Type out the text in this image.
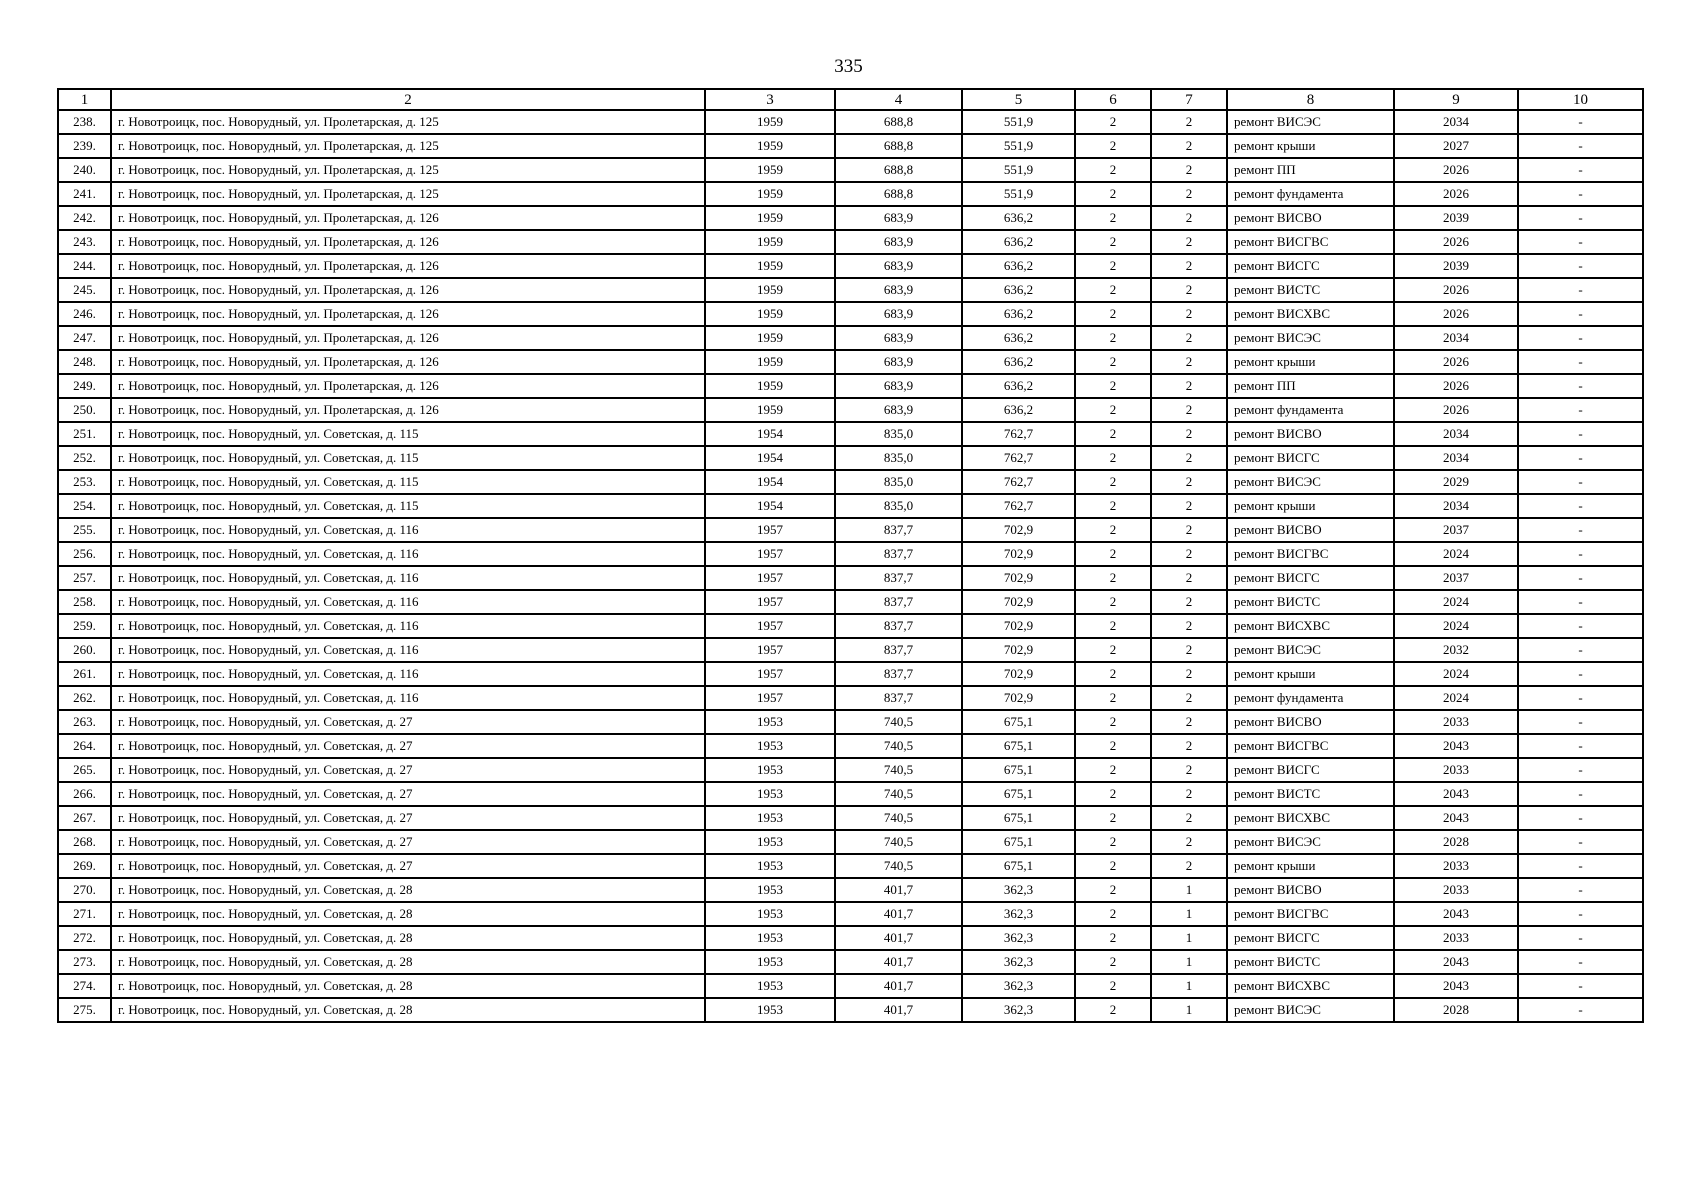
335
1	2	3	4	5	6	7	8	9	10
238.	г. Новотроицк, пос. Новорудный, ул. Пролетарская, д. 125	1959	688,8	551,9	2	2	ремонт ВИСЭС	2034	-
239.	г. Новотроицк, пос. Новорудный, ул. Пролетарская, д. 125	1959	688,8	551,9	2	2	ремонт крыши	2027	-
240.	г. Новотроицк, пос. Новорудный, ул. Пролетарская, д. 125	1959	688,8	551,9	2	2	ремонт ПП	2026	-
241.	г. Новотроицк, пос. Новорудный, ул. Пролетарская, д. 125	1959	688,8	551,9	2	2	ремонт фундамента	2026	-
242.	г. Новотроицк, пос. Новорудный, ул. Пролетарская, д. 126	1959	683,9	636,2	2	2	ремонт ВИСВО	2039	-
243.	г. Новотроицк, пос. Новорудный, ул. Пролетарская, д. 126	1959	683,9	636,2	2	2	ремонт ВИСГВС	2026	-
244.	г. Новотроицк, пос. Новорудный, ул. Пролетарская, д. 126	1959	683,9	636,2	2	2	ремонт ВИСГС	2039	-
245.	г. Новотроицк, пос. Новорудный, ул. Пролетарская, д. 126	1959	683,9	636,2	2	2	ремонт ВИСТС	2026	-
246.	г. Новотроицк, пос. Новорудный, ул. Пролетарская, д. 126	1959	683,9	636,2	2	2	ремонт ВИСХВС	2026	-
247.	г. Новотроицк, пос. Новорудный, ул. Пролетарская, д. 126	1959	683,9	636,2	2	2	ремонт ВИСЭС	2034	-
248.	г. Новотроицк, пос. Новорудный, ул. Пролетарская, д. 126	1959	683,9	636,2	2	2	ремонт крыши	2026	-
249.	г. Новотроицк, пос. Новорудный, ул. Пролетарская, д. 126	1959	683,9	636,2	2	2	ремонт ПП	2026	-
250.	г. Новотроицк, пос. Новорудный, ул. Пролетарская, д. 126	1959	683,9	636,2	2	2	ремонт фундамента	2026	-
251.	г. Новотроицк, пос. Новорудный, ул. Советская, д. 115	1954	835,0	762,7	2	2	ремонт ВИСВО	2034	-
252.	г. Новотроицк, пос. Новорудный, ул. Советская, д. 115	1954	835,0	762,7	2	2	ремонт ВИСГС	2034	-
253.	г. Новотроицк, пос. Новорудный, ул. Советская, д. 115	1954	835,0	762,7	2	2	ремонт ВИСЭС	2029	-
254.	г. Новотроицк, пос. Новорудный, ул. Советская, д. 115	1954	835,0	762,7	2	2	ремонт крыши	2034	-
255.	г. Новотроицк, пос. Новорудный, ул. Советская, д. 116	1957	837,7	702,9	2	2	ремонт ВИСВО	2037	-
256.	г. Новотроицк, пос. Новорудный, ул. Советская, д. 116	1957	837,7	702,9	2	2	ремонт ВИСГВС	2024	-
257.	г. Новотроицк, пос. Новорудный, ул. Советская, д. 116	1957	837,7	702,9	2	2	ремонт ВИСГС	2037	-
258.	г. Новотроицк, пос. Новорудный, ул. Советская, д. 116	1957	837,7	702,9	2	2	ремонт ВИСТС	2024	-
259.	г. Новотроицк, пос. Новорудный, ул. Советская, д. 116	1957	837,7	702,9	2	2	ремонт ВИСХВС	2024	-
260.	г. Новотроицк, пос. Новорудный, ул. Советская, д. 116	1957	837,7	702,9	2	2	ремонт ВИСЭС	2032	-
261.	г. Новотроицк, пос. Новорудный, ул. Советская, д. 116	1957	837,7	702,9	2	2	ремонт крыши	2024	-
262.	г. Новотроицк, пос. Новорудный, ул. Советская, д. 116	1957	837,7	702,9	2	2	ремонт фундамента	2024	-
263.	г. Новотроицк, пос. Новорудный, ул. Советская, д. 27	1953	740,5	675,1	2	2	ремонт ВИСВО	2033	-
264.	г. Новотроицк, пос. Новорудный, ул. Советская, д. 27	1953	740,5	675,1	2	2	ремонт ВИСГВС	2043	-
265.	г. Новотроицк, пос. Новорудный, ул. Советская, д. 27	1953	740,5	675,1	2	2	ремонт ВИСГС	2033	-
266.	г. Новотроицк, пос. Новорудный, ул. Советская, д. 27	1953	740,5	675,1	2	2	ремонт ВИСТС	2043	-
267.	г. Новотроицк, пос. Новорудный, ул. Советская, д. 27	1953	740,5	675,1	2	2	ремонт ВИСХВС	2043	-
268.	г. Новотроицк, пос. Новорудный, ул. Советская, д. 27	1953	740,5	675,1	2	2	ремонт ВИСЭС	2028	-
269.	г. Новотроицк, пос. Новорудный, ул. Советская, д. 27	1953	740,5	675,1	2	2	ремонт крыши	2033	-
270.	г. Новотроицк, пос. Новорудный, ул. Советская, д. 28	1953	401,7	362,3	2	1	ремонт ВИСВО	2033	-
271.	г. Новотроицк, пос. Новорудный, ул. Советская, д. 28	1953	401,7	362,3	2	1	ремонт ВИСГВС	2043	-
272.	г. Новотроицк, пос. Новорудный, ул. Советская, д. 28	1953	401,7	362,3	2	1	ремонт ВИСГС	2033	-
273.	г. Новотроицк, пос. Новорудный, ул. Советская, д. 28	1953	401,7	362,3	2	1	ремонт ВИСТС	2043	-
274.	г. Новотроицк, пос. Новорудный, ул. Советская, д. 28	1953	401,7	362,3	2	1	ремонт ВИСХВС	2043	-
275.	г. Новотроицк, пос. Новорудный, ул. Советская, д. 28	1953	401,7	362,3	2	1	ремонт ВИСЭС	2028	-
